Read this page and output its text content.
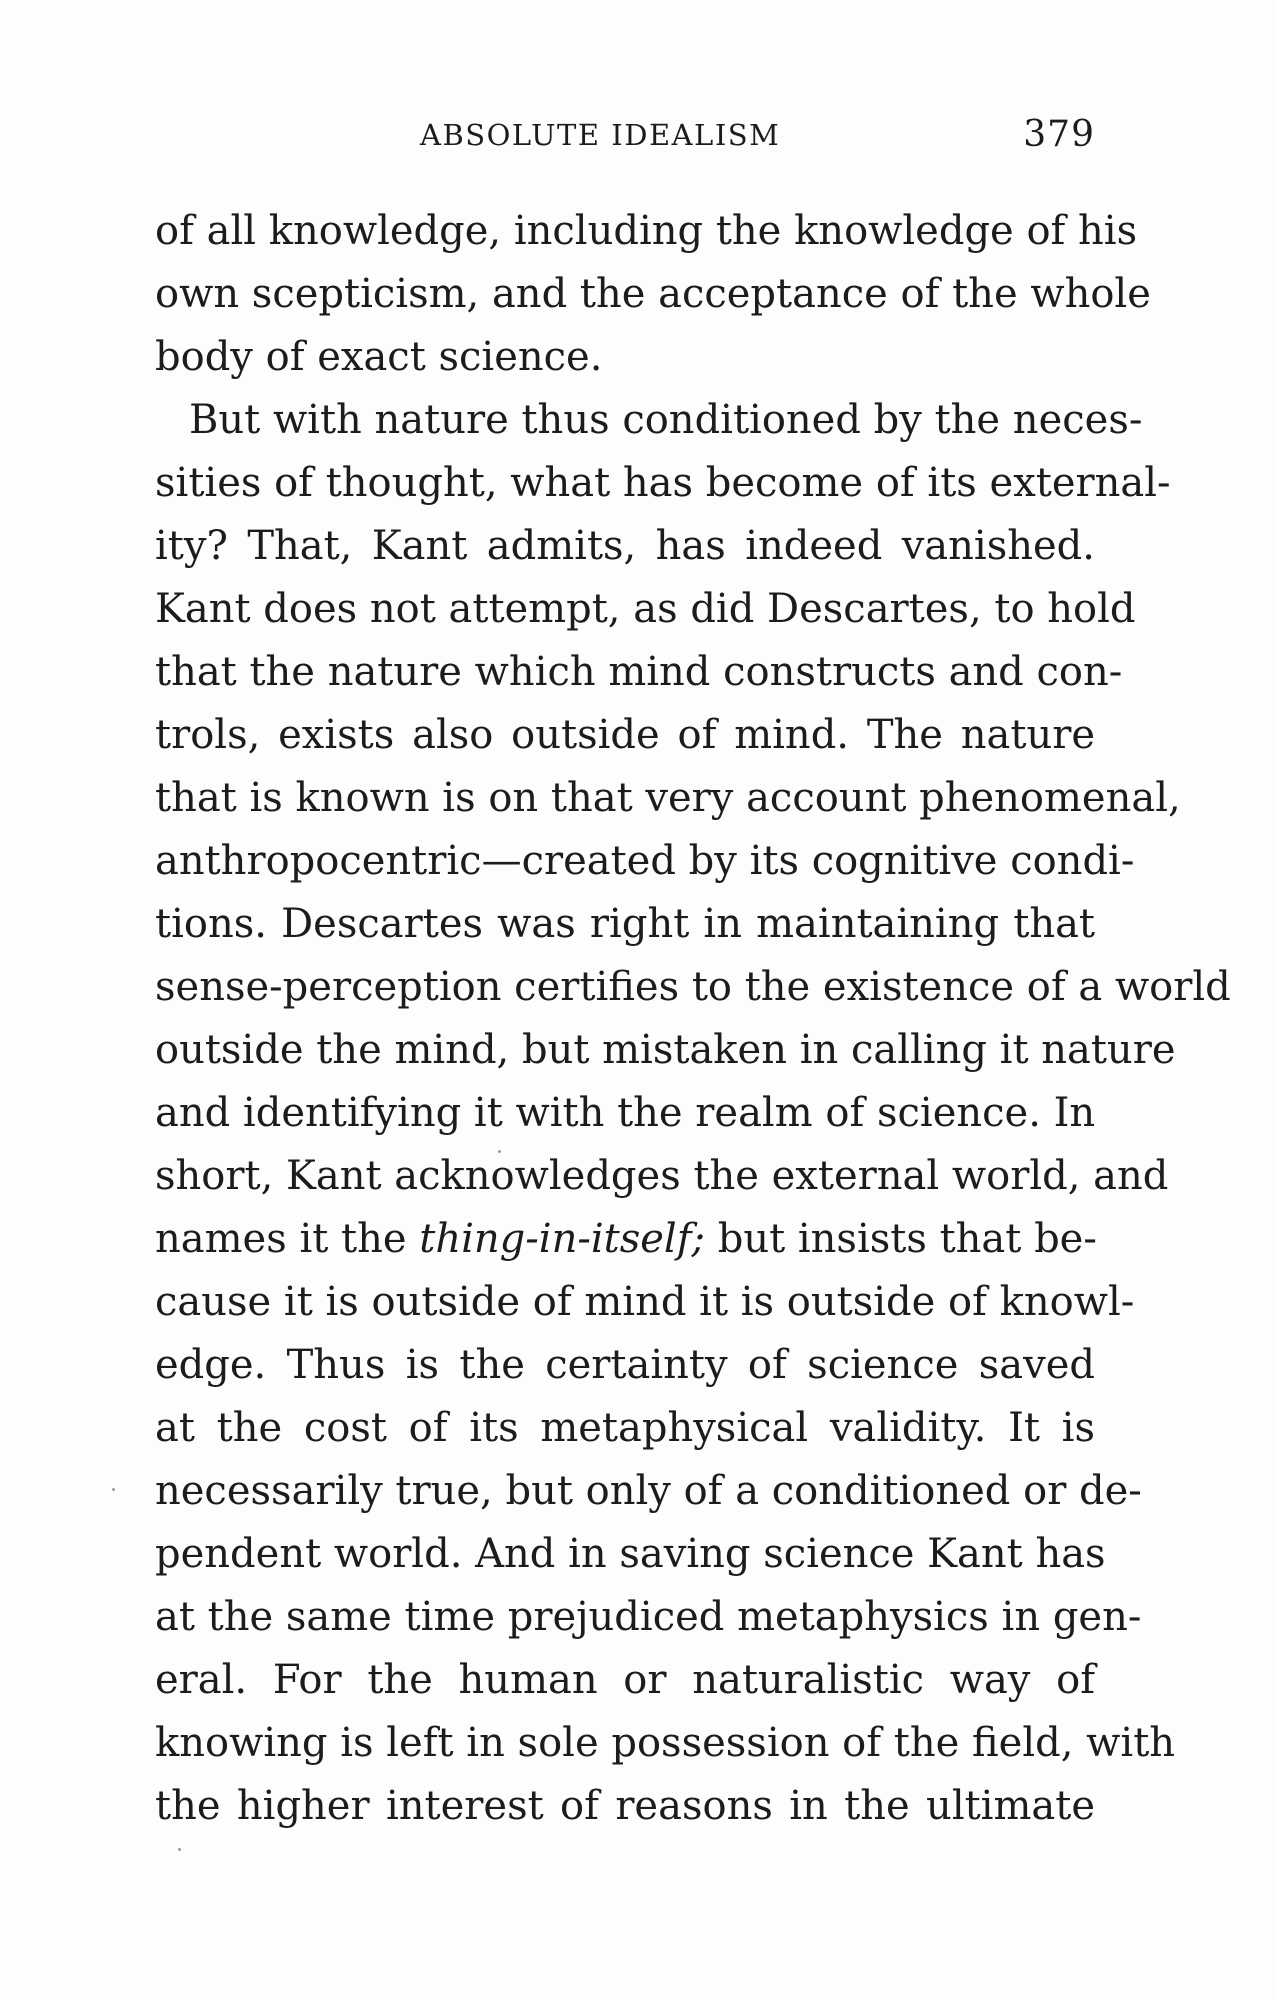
ABSOLUTE IDEALISM	379
of all knowledge, including the knowledge of his
own scepticism, and the acceptance of the whole
body of exact science.
But with nature thus conditioned by the neces-
sities of thought, what has become of its external-
ity? That, Kant admits, has indeed vanished.
Kant does not attempt, as did Descartes, to hold
that the nature which mind constructs and con-
trols, exists also outside of mind. The nature
that is known is on that very account phenomenal,
anthropocentric—created by its cognitive condi-
tions. Descartes was right in maintaining that
sense-perception certifies to the existence of a world
outside the mind, but mistaken in calling it nature
and identifying it with the realm of science. In
short, Kant acknowledges the external world, and
names it the thing-in-itself; but insists that be-
cause it is outside of mind it is outside of knowl-
edge. Thus is the certainty of science saved
at the cost of its metaphysical validity. It is
necessarily true, but only of a conditioned or de-
pendent world. And in saving science Kant has
at the same time prejudiced metaphysics in gen-
eral. For the human or naturalistic way of
knowing is left in sole possession of the field, with
the higher interest of reasons in the ultimate
